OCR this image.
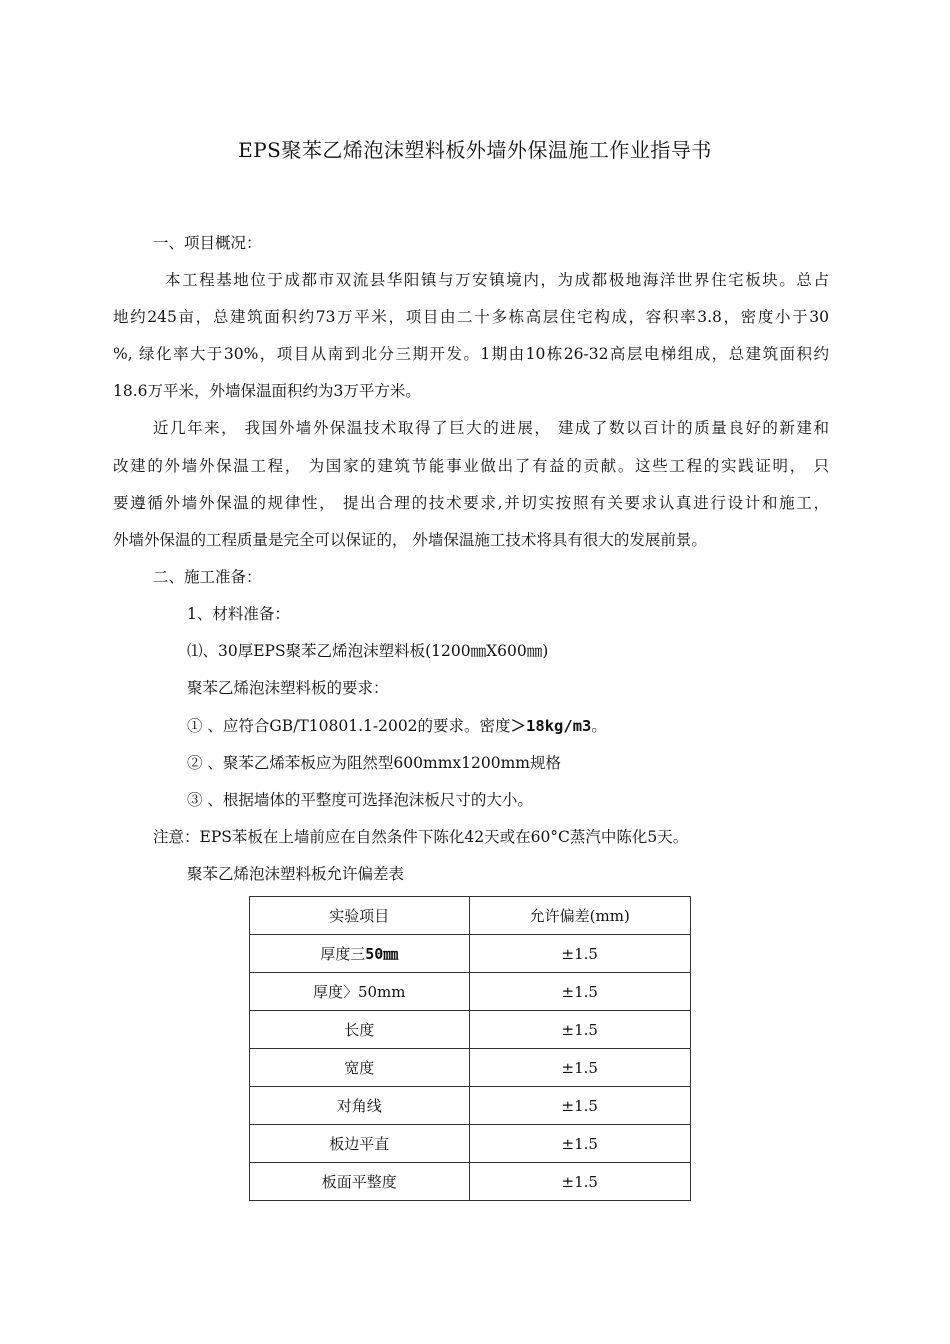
EPS聚苯乙烯泡沫塑料板外墙外保温施工作业指导书
一、项目概况：
本工程基地位于成都市双流县华阳镇与万安镇境内，为成都极地海洋世界住宅板块。总占
地约245亩，总建筑面积约73万平米，项目由二十多栋高层住宅构成，容积率3.8，密度小于30
%, 绿化率大于30%，项目从南到北分三期开发。1期由10栋26-32高层电梯组成，总建筑面积约
18.6万平米，外墙保温面积约为3万平方米。
近几年来， 我国外墙外保温技术取得了巨大的进展， 建成了数以百计的质量良好的新建和
改建的外墙外保温工程， 为国家的建筑节能事业做出了有益的贡献。这些工程的实践证明， 只
要遵循外墙外保温的规律性， 提出合理的技术要求,并切实按照有关要求认真进行设计和施工，
外墙外保温的工程质量是完全可以保证的， 外墙保温施工技术将具有很大的发展前景。
二、施工准备：
1、材料准备：
⑴、30厚EPS聚苯乙烯泡沫塑料板(1200㎜X600㎜)
聚苯乙烯泡沫塑料板的要求：
① 、应符合GB/T10801.1-2002的要求。密度＞18kg/m3。
② 、聚苯乙烯苯板应为阻然型600mmx1200mm规格
③ 、根据墙体的平整度可选择泡沫板尺寸的大小。
注意：EPS苯板在上墙前应在自然条件下陈化42天或在60°C蒸汽中陈化5天。
聚苯乙烯泡沫塑料板允许偏差表
实验项目	允许偏差(mm)
厚度三50㎜	±1.5
厚度〉50mm	±1.5
长度	±1.5
宽度	±1.5
对角线	±1.5
板边平直	±1.5
板面平整度	±1.5
